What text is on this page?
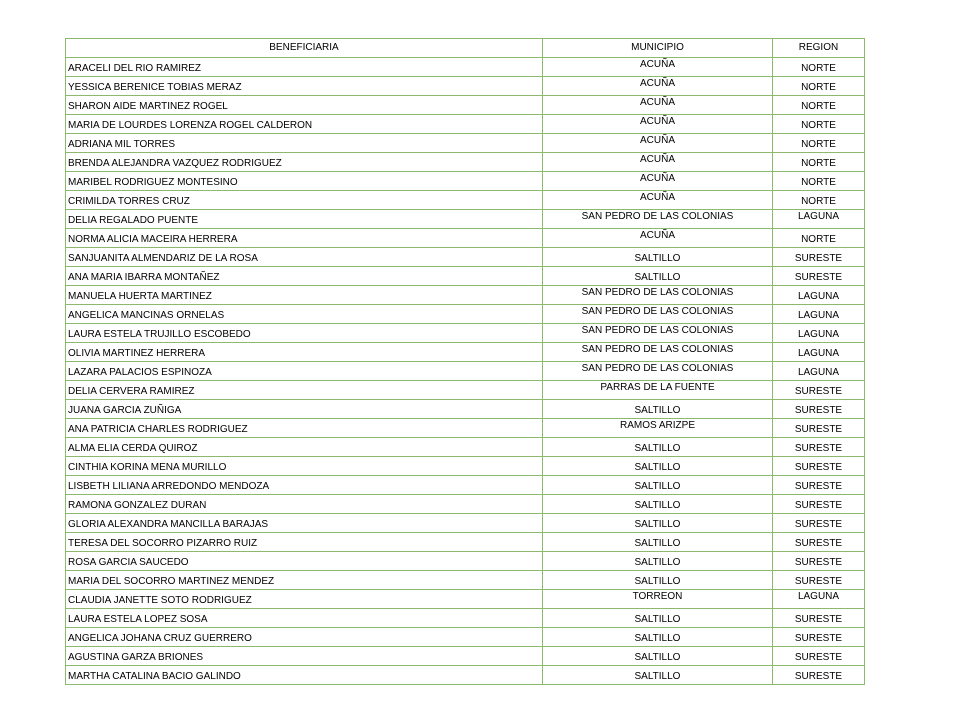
BENEFICIARIA	MUNICIPIO	REGION
ARACELI DEL RIO RAMIREZ	ACUÑA	NORTE
YESSICA BERENICE TOBIAS MERAZ	ACUÑA	NORTE
SHARON AIDE MARTINEZ ROGEL	ACUÑA	NORTE
MARIA DE LOURDES LORENZA ROGEL CALDERON	ACUÑA	NORTE
ADRIANA MIL TORRES	ACUÑA	NORTE
BRENDA ALEJANDRA VAZQUEZ RODRIGUEZ	ACUÑA	NORTE
MARIBEL RODRIGUEZ MONTESINO	ACUÑA	NORTE
CRIMILDA TORRES CRUZ	ACUÑA	NORTE
DELIA REGALADO PUENTE	SAN PEDRO DE LAS COLONIAS	LAGUNA
NORMA ALICIA MACEIRA HERRERA	ACUÑA	NORTE
SANJUANITA ALMENDARIZ DE LA ROSA	SALTILLO	SURESTE
ANA MARIA IBARRA MONTAÑEZ	SALTILLO	SURESTE
MANUELA HUERTA MARTINEZ	SAN PEDRO DE LAS COLONIAS	LAGUNA
ANGELICA MANCINAS ORNELAS	SAN PEDRO DE LAS COLONIAS	LAGUNA
LAURA ESTELA TRUJILLO ESCOBEDO	SAN PEDRO DE LAS COLONIAS	LAGUNA
OLIVIA MARTINEZ HERRERA	SAN PEDRO DE LAS COLONIAS	LAGUNA
LAZARA PALACIOS ESPINOZA	SAN PEDRO DE LAS COLONIAS	LAGUNA
DELIA CERVERA RAMIREZ	PARRAS DE LA FUENTE	SURESTE
JUANA GARCIA ZUÑIGA	SALTILLO	SURESTE
ANA PATRICIA CHARLES RODRIGUEZ	RAMOS ARIZPE	SURESTE
ALMA ELIA CERDA QUIROZ	SALTILLO	SURESTE
CINTHIA KORINA MENA MURILLO	SALTILLO	SURESTE
LISBETH LILIANA ARREDONDO MENDOZA	SALTILLO	SURESTE
RAMONA GONZALEZ DURAN	SALTILLO	SURESTE
GLORIA ALEXANDRA MANCILLA BARAJAS	SALTILLO	SURESTE
TERESA DEL SOCORRO PIZARRO RUIZ	SALTILLO	SURESTE
ROSA GARCIA SAUCEDO	SALTILLO	SURESTE
MARIA DEL SOCORRO MARTINEZ MENDEZ	SALTILLO	SURESTE
CLAUDIA JANETTE SOTO RODRIGUEZ	TORREON	LAGUNA
LAURA ESTELA LOPEZ SOSA	SALTILLO	SURESTE
ANGELICA JOHANA CRUZ GUERRERO	SALTILLO	SURESTE
AGUSTINA GARZA BRIONES	SALTILLO	SURESTE
MARTHA CATALINA BACIO GALINDO	SALTILLO	SURESTE
